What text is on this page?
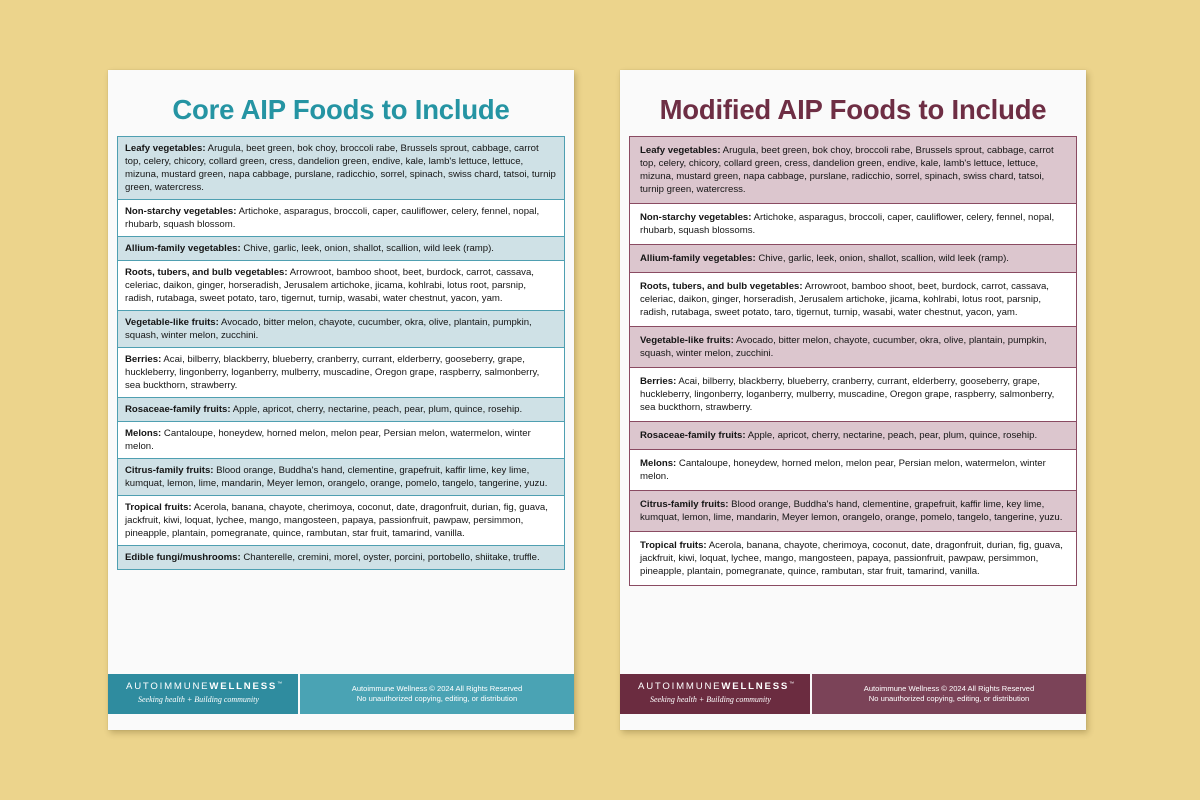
Core AIP Foods to Include
Leafy vegetables: Arugula, beet green, bok choy, broccoli rabe, Brussels sprout, cabbage, carrot top, celery, chicory, collard green, cress, dandelion green, endive, kale, lamb's lettuce, lettuce, mizuna, mustard green, napa cabbage, purslane, radicchio, sorrel, spinach, swiss chard, tatsoi, turnip green, watercress.
Non-starchy vegetables: Artichoke, asparagus, broccoli, caper, cauliflower, celery, fennel, nopal, rhubarb, squash blossom.
Allium-family vegetables: Chive, garlic, leek, onion, shallot, scallion, wild leek (ramp).
Roots, tubers, and bulb vegetables: Arrowroot, bamboo shoot, beet, burdock, carrot, cassava, celeriac, daikon, ginger, horseradish, Jerusalem artichoke, jicama, kohlrabi, lotus root, parsnip, radish, rutabaga, sweet potato, taro, tigernut, turnip, wasabi, water chestnut, yacon, yam.
Vegetable-like fruits: Avocado, bitter melon, chayote, cucumber, okra, olive, plantain, pumpkin, squash, winter melon, zucchini.
Berries: Acai, bilberry, blackberry, blueberry, cranberry, currant, elderberry, gooseberry, grape, huckleberry, lingonberry, loganberry, mulberry, muscadine, Oregon grape, raspberry, salmonberry, sea buckthorn, strawberry.
Rosaceae-family fruits: Apple, apricot, cherry, nectarine, peach, pear, plum, quince, rosehip.
Melons: Cantaloupe, honeydew, horned melon, melon pear, Persian melon, watermelon, winter melon.
Citrus-family fruits: Blood orange, Buddha's hand, clementine, grapefruit, kaffir lime, key lime, kumquat, lemon, lime, mandarin, Meyer lemon, orangelo, orange, pomelo, tangelo, tangerine, yuzu.
Tropical fruits: Acerola, banana, chayote, cherimoya, coconut, date, dragonfruit, durian, fig, guava, jackfruit, kiwi, loquat, lychee, mango, mangosteen, papaya, passionfruit, pawpaw, persimmon, pineapple, plantain, pomegranate, quince, rambutan, star fruit, tamarind, vanilla.
Edible fungi/mushrooms: Chanterelle, cremini, morel, oyster, porcini, portobello, shiitake, truffle.
AUTOIMMUNEWELLNESS™
Seeking health + Building community
Autoimmune Wellness © 2024 All Rights Reserved
No unauthorized copying, editing, or distribution
Modified AIP Foods to Include
Leafy vegetables: Arugula, beet green, bok choy, broccoli rabe, Brussels sprout, cabbage, carrot top, celery, chicory, collard green, cress, dandelion green, endive, kale, lamb's lettuce, lettuce, mizuna, mustard green, napa cabbage, purslane, radicchio, sorrel, spinach, swiss chard, tatsoi, turnip green, watercress.
Non-starchy vegetables: Artichoke, asparagus, broccoli, caper, cauliflower, celery, fennel, nopal, rhubarb, squash blossoms.
Allium-family vegetables: Chive, garlic, leek, onion, shallot, scallion, wild leek (ramp).
Roots, tubers, and bulb vegetables: Arrowroot, bamboo shoot, beet, burdock, carrot, cassava, celeriac, daikon, ginger, horseradish, Jerusalem artichoke, jicama, kohlrabi, lotus root, parsnip, radish, rutabaga, sweet potato, taro, tigernut, turnip, wasabi, water chestnut, yacon, yam.
Vegetable-like fruits: Avocado, bitter melon, chayote, cucumber, okra, olive, plantain, pumpkin, squash, winter melon, zucchini.
Berries: Acai, bilberry, blackberry, blueberry, cranberry, currant, elderberry, gooseberry, grape, huckleberry, lingonberry, loganberry, mulberry, muscadine, Oregon grape, raspberry, salmonberry, sea buckthorn, strawberry.
Rosaceae-family fruits: Apple, apricot, cherry, nectarine, peach, pear, plum, quince, rosehip.
Melons: Cantaloupe, honeydew, horned melon, melon pear, Persian melon, watermelon, winter melon.
Citrus-family fruits: Blood orange, Buddha's hand, clementine, grapefruit, kaffir lime, key lime, kumquat, lemon, lime, mandarin, Meyer lemon, orangelo, orange, pomelo, tangelo, tangerine, yuzu.
Tropical fruits: Acerola, banana, chayote, cherimoya, coconut, date, dragonfruit, durian, fig, guava, jackfruit, kiwi, loquat, lychee, mango, mangosteen, papaya, passionfruit, pawpaw, persimmon, pineapple, plantain, pomegranate, quince, rambutan, star fruit, tamarind, vanilla.
AUTOIMMUNEWELLNESS™
Seeking health + Building community
Autoimmune Wellness © 2024 All Rights Reserved
No unauthorized copying, editing, or distribution
